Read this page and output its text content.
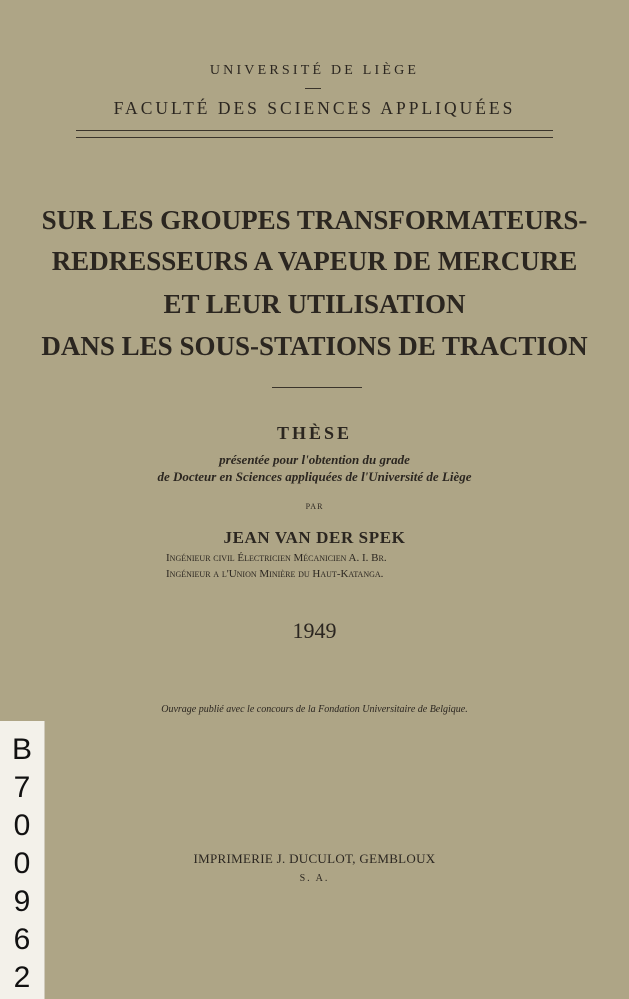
UNIVERSITÉ DE LIÈGE
FACULTÉ DES SCIENCES APPLIQUÉES
SUR LES GROUPES TRANSFORMATEURS-
REDRESSEURS A VAPEUR DE MERCURE
ET LEUR UTILISATION
DANS LES SOUS-STATIONS DE TRACTION
THÈSE
présentée pour l'obtention du grade
de Docteur en Sciences appliquées de l'Université de Liège
PAR
JEAN VAN DER SPEK
Ingénieur civil Électricien Mécanicien A. I. Br.
Ingénieur a l'Union Minière du Haut-Katanga.
1949
Ouvrage publié avec le concours de la Fondation Universitaire de Belgique.
IMPRIMERIE J. DUCULOT, GEMBLOUX
S. A.
B
7
0
0
9
6
2
